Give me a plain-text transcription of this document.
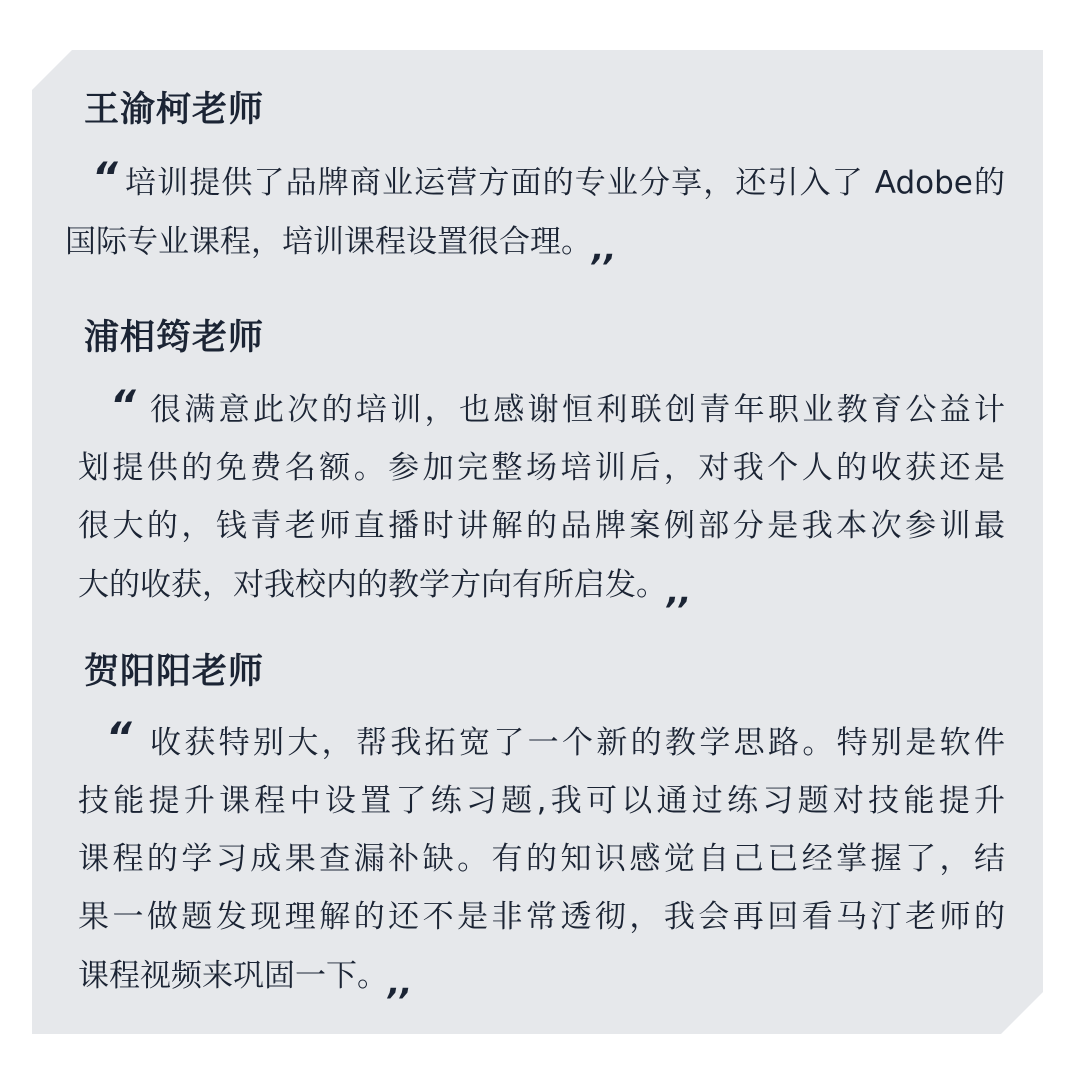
王渝柯老师
“ 培训提供了品牌商业运营方面的专业分享，还引入了 Adobe的
国际专业课程，培训课程设置很合理。,,
浦相筠老师
“ 很满意此次的培训，也感谢恒利联创青年职业教育公益计
划提供的免费名额。参加完整场培训后，对我个人的收获还是
很大的，钱青老师直播时讲解的品牌案例部分是我本次参训最
大的收获，对我校内的教学方向有所启发。,,
贺阳阳老师
“ 收获特别大，帮我拓宽了一个新的教学思路。特别是软件
技能提升课程中设置了练习题,我可以通过练习题对技能提升
课程的学习成果查漏补缺。有的知识感觉自己已经掌握了，结
果一做题发现理解的还不是非常透彻，我会再回看马汀老师的
课程视频来巩固一下。,,
